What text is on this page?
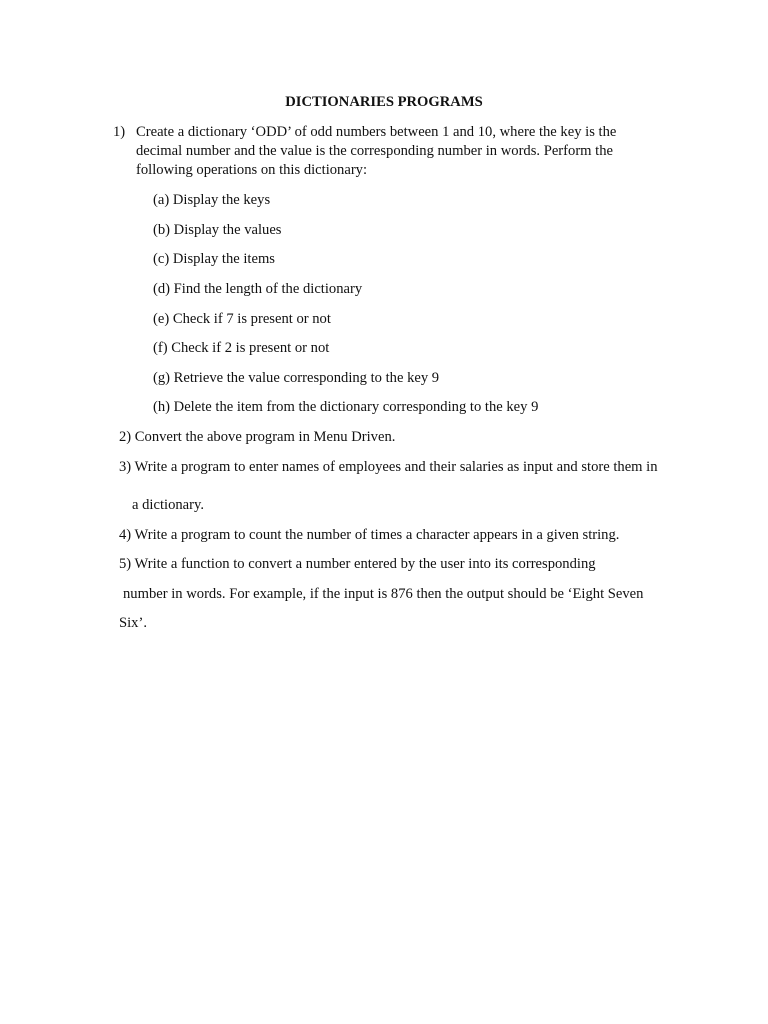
DICTIONARIES PROGRAMS
1) Create a dictionary ‘ODD’ of odd numbers between 1 and 10, where the key is the decimal number and the value is the corresponding number in words. Perform the following operations on this dictionary:
(a) Display the keys
(b) Display the values
(c) Display the items
(d) Find the length of the dictionary
(e) Check if 7 is present or not
(f) Check if 2 is present or not
(g) Retrieve the value corresponding to the key 9
(h) Delete the item from the dictionary corresponding to the key 9
2) Convert the above program in Menu Driven.
3) Write a program to enter names of employees and their salaries as input and store them in
a dictionary.
4) Write a program to count the number of times a character appears in a given string.
5) Write a function to convert a number entered by the user into its corresponding
number in words. For example, if the input is 876 then the output should be ‘Eight Seven
Six’.
